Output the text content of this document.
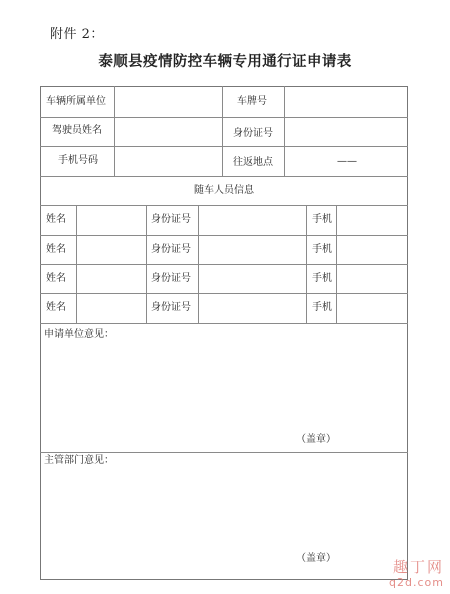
附件 2：
泰顺县疫情防控车辆专用通行证申请表
车辆所属单位	车牌号
驾驶员姓名	身份证号
手机号码	往返地点	——
随车人员信息
姓名	身份证号	手机
姓名	身份证号	手机
姓名	身份证号	手机
姓名	身份证号	手机
申请单位意见：
（盖章）
主管部门意见：
（盖章）	趣丁网
q2d.com
